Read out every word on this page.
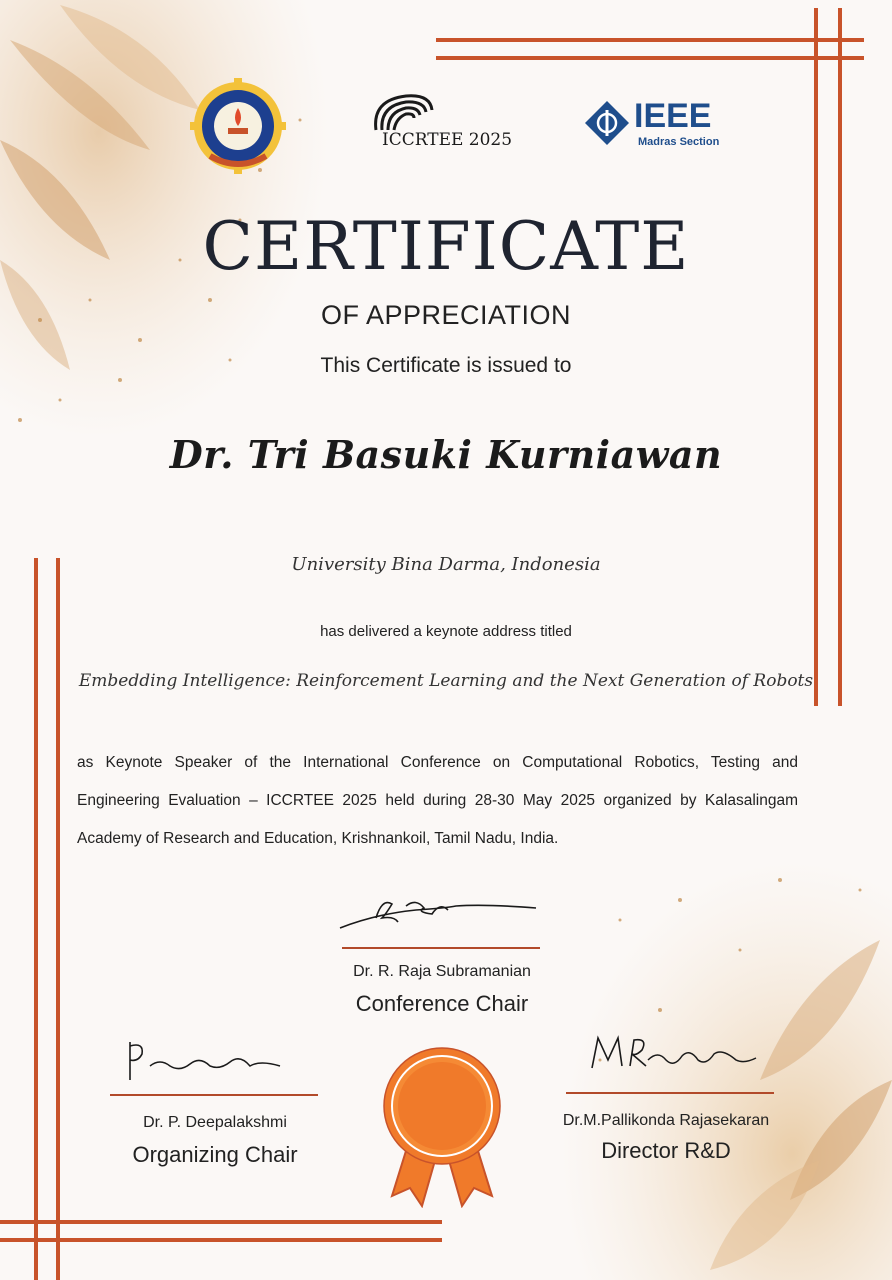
ICCRTEE 2025
IEEE
Madras Section
CERTIFICATE
OF APPRECIATION
This Certificate is issued to
Dr. Tri Basuki Kurniawan
University Bina Darma, Indonesia
has delivered a keynote address titled
Embedding Intelligence: Reinforcement Learning and the Next Generation of Robots
as Keynote Speaker of the International Conference on Computational Robotics, Testing and Engineering Evaluation – ICCRTEE 2025 held during 28-30 May 2025 organized by Kalasalingam Academy of Research and Education, Krishnankoil, Tamil Nadu, India.
Dr. R. Raja Subramanian
Conference Chair
Dr. P. Deepalakshmi
Organizing Chair
Dr.M.Pallikonda Rajasekaran
Director R&D
